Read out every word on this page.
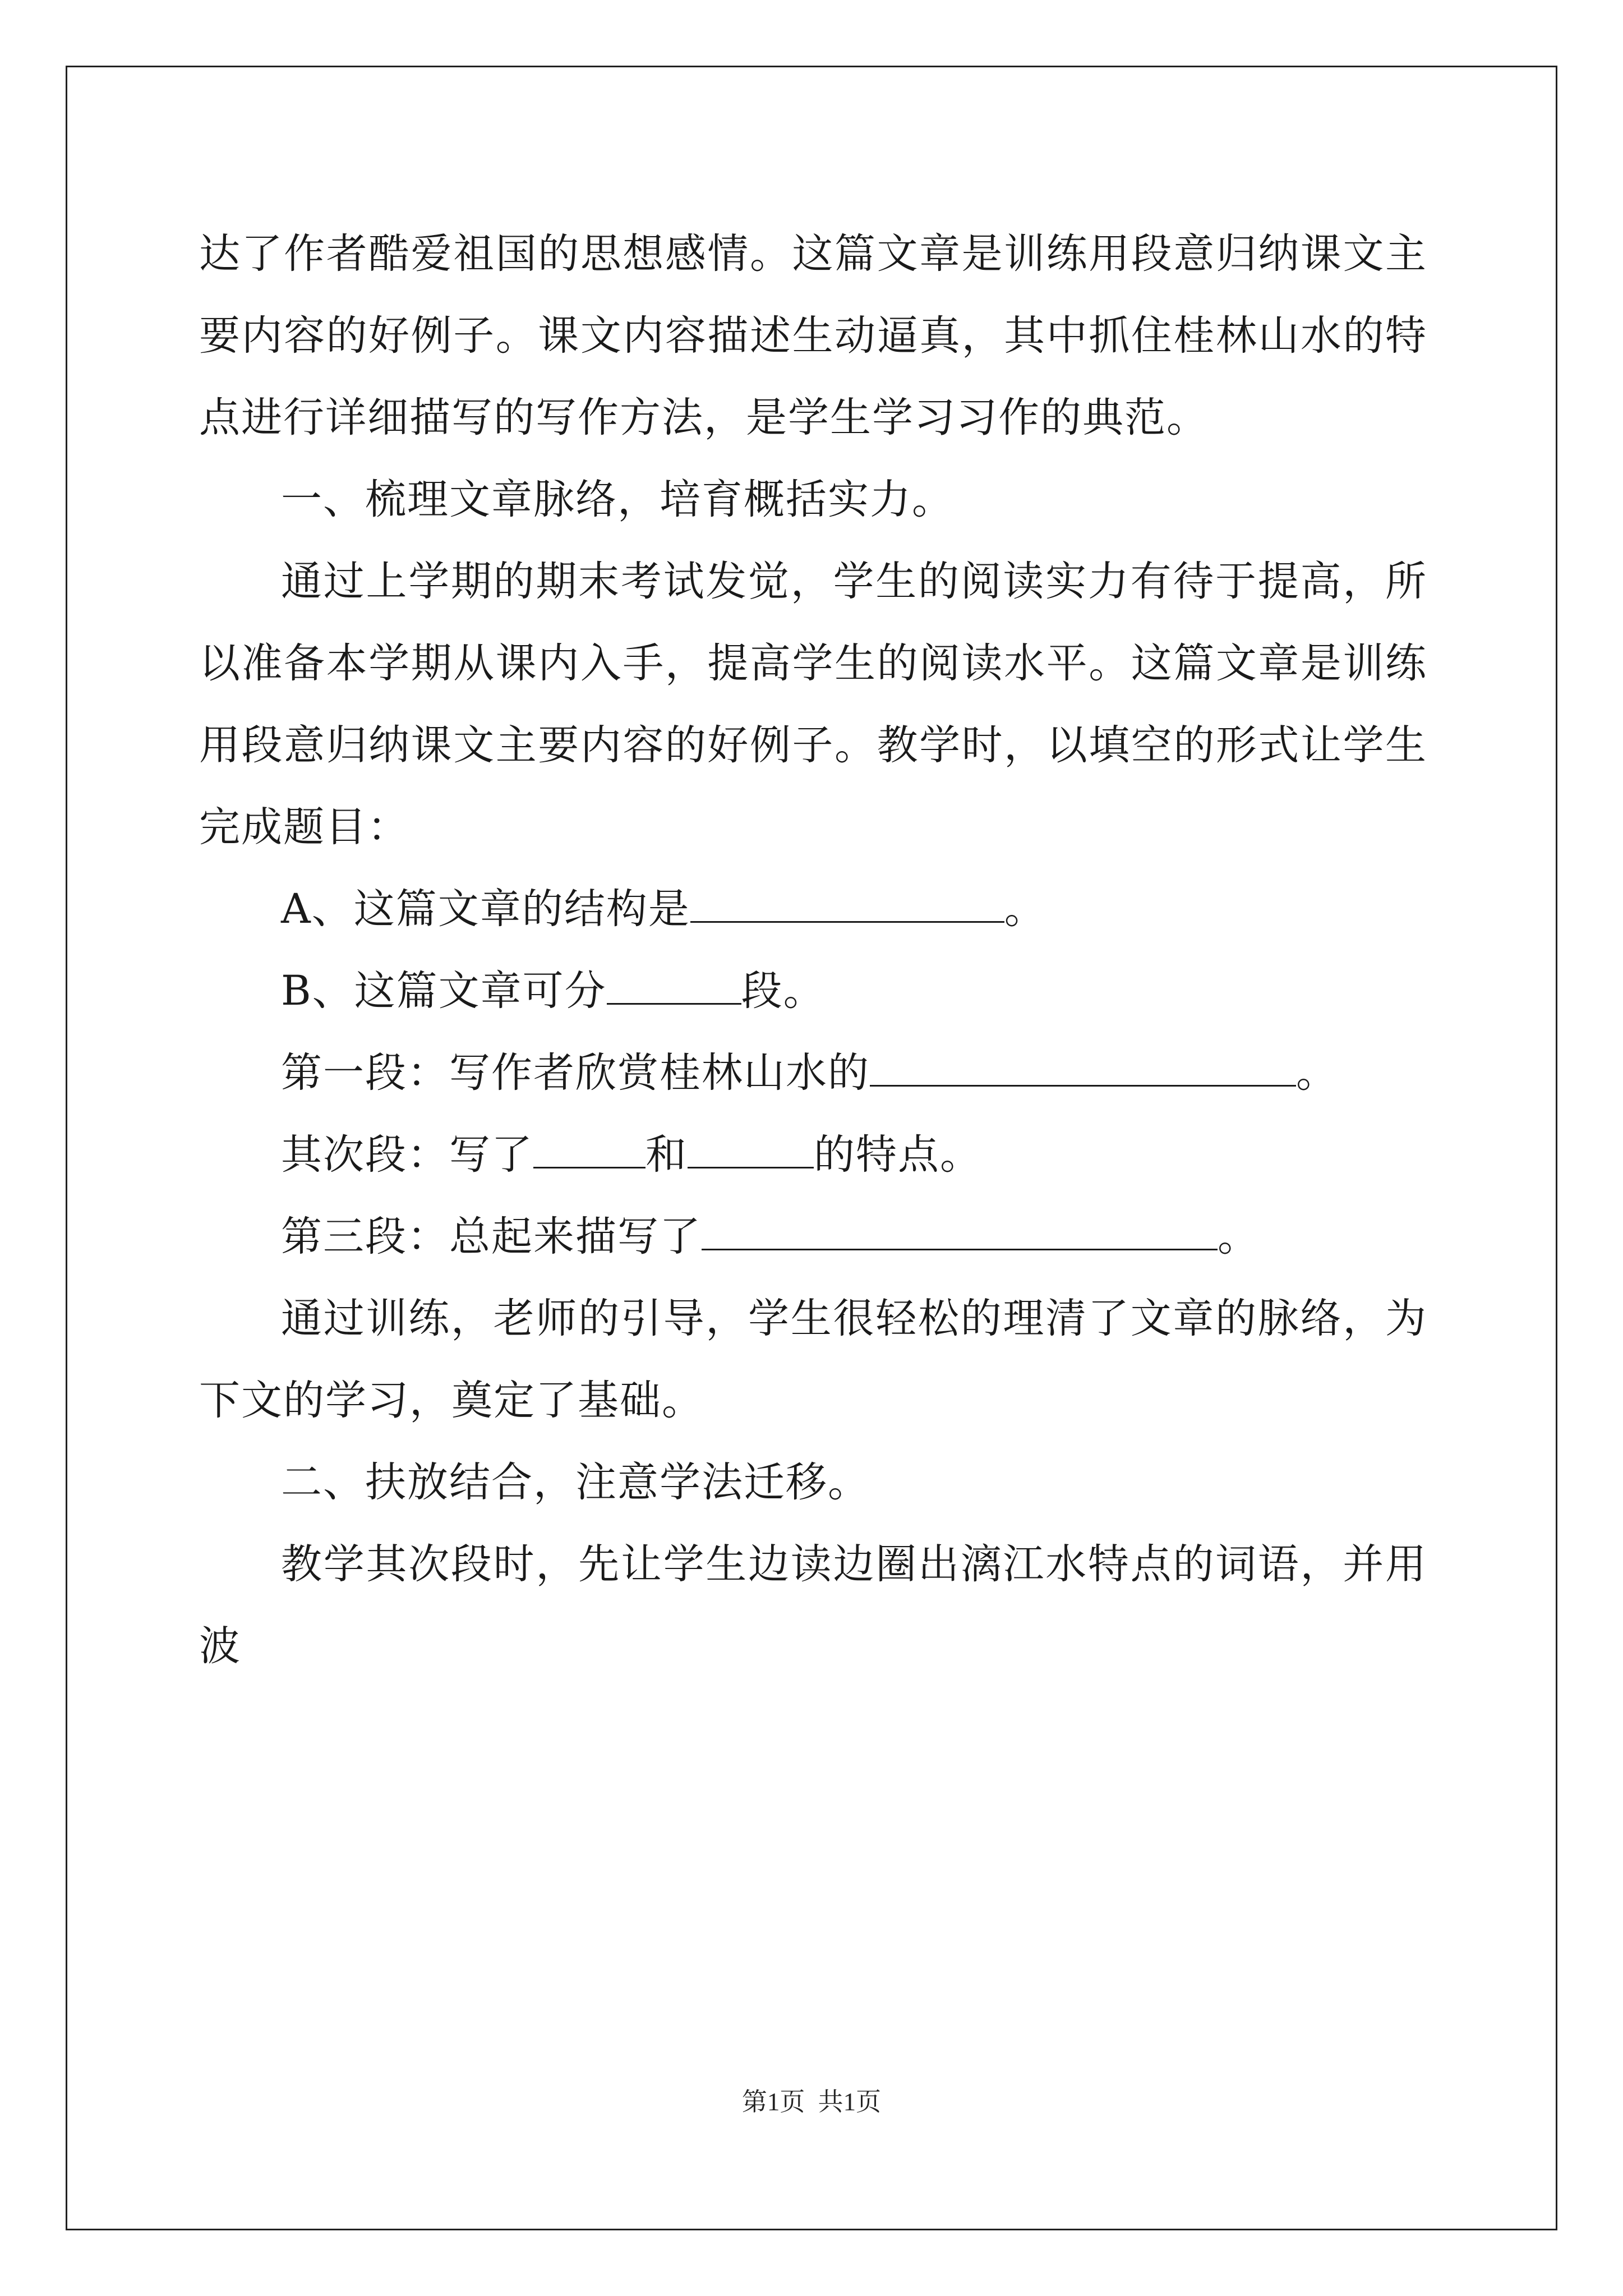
达了作者酷爱祖国的思想感情。这篇文章是训练用段意归纳课文主要内容的好例子。课文内容描述生动逼真，其中抓住桂林山水的特点进行详细描写的写作方法，是学生学习习作的典范。

一、梳理文章脉络，培育概括实力。

通过上学期的期末考试发觉，学生的阅读实力有待于提高，所以准备本学期从课内入手，提高学生的阅读水平。这篇文章是训练用段意归纳课文主要内容的好例子。教学时，以填空的形式让学生完成题目：

A、这篇文章的结构是	。

B、这篇文章可分	段。

第一段：写作者欣赏桂林山水的	。

其次段：写了	和	的特点。

第三段：总起来描写了	。

通过训练，老师的引导，学生很轻松的理清了文章的脉络，为下文的学习，奠定了基础。

二、扶放结合，注意学法迁移。

教学其次段时，先让学生边读边圈出漓江水特点的词语，并用波

第1页 共1页
